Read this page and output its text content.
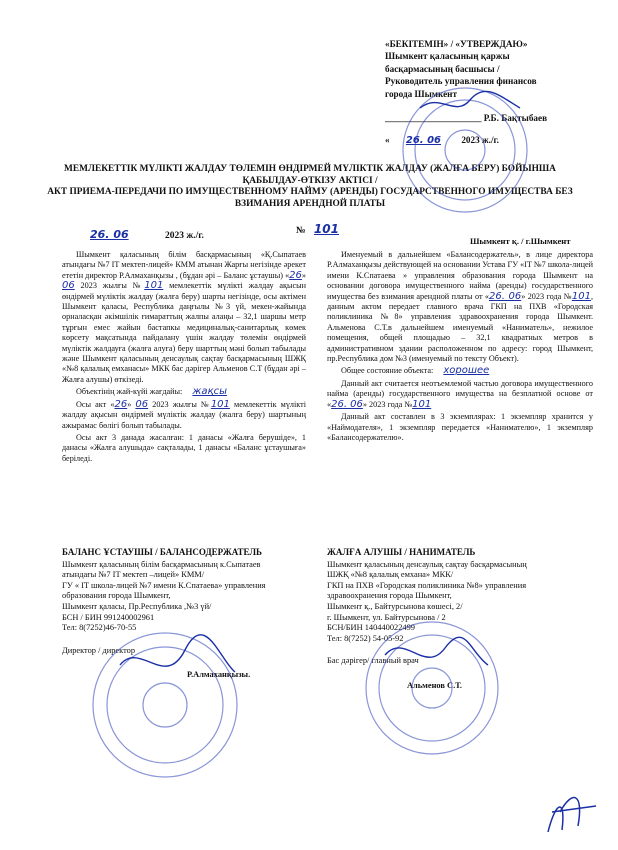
«БЕКІТЕМІН» / «УТВЕРЖДАЮ»
Шымкент қаласының қаржы
басқармасының басшысы /
Руководитель управления финансов
города Шымкент
_____________________ Р.Б. Бақтыбаев
« 26. 06 2023 ж./г.
МЕМЛЕКЕТТІК МҮЛІКТІ ЖАЛДАУ ТӨЛЕМІН ӨНДІРМЕЙ МҮЛІКТІК ЖАЛДАУ (ЖАЛҒА БЕРУ) БОЙЫНША ҚАБЫЛДАУ-ӨТКІЗУ АКТІСІ /
АКТ ПРИЕМА-ПЕРЕДАЧИ ПО ИМУЩЕСТВЕННОМУ НАЙМУ (АРЕНДЫ) ГОСУДАРСТВЕННОГО ИМУЩЕСТВА БЕЗ ВЗИМАНИЯ АРЕНДНОЙ ПЛАТЫ
26. 06	2023 ж./г.	№ 101
Шымкент қ. / г.Шымкент

Шымкент қаласының білім басқармасының «Қ.Сыпатаев атындағы №7 IT мектеп-лицей» КММ атынан Жарғы негізінде әрекет ететін директор Р.Алмаханқызы , (бұдан әрі – Баланс ұстаушы) «26» 06 2023 жылғы №101 мемлекеттік мүлікті жалдау ақысын өндірмей мүліктік жалдау (жалға беру) шарты негізінде, осы актімен Шымкент қаласы, Республика даңғылы №3 үй, мекен-жайында орналасқан әкімшілік ғимараттың жалпы алаңы – 32,1 шаршы метр тұрғын емес жайын бастапкы медициналық-санитарлық көмек көрсету мақсатында пайдалану үшін жалдау төлемін өндірмей мүліктік жалдауға (жалға алуға) беру шарттың мәні болып табылады және Шымкент қаласының денсаулық сақтау басқармасының ШЖҚ «№8 қалалық емханасы» МКК бас дәрігер Альменов С.Т (бұдан әрі – Жалға алушы) өткізеді.

Объектінің жай-күйі жағдайы: жақсы

Осы акт «26» 06 2023 жылғы №101 мемлекеттік мүлікті жалдау ақысын өндірмей мүліктік жалдау (жалға беру) шартының ажырамас бөлігі болып табылады.

Осы акт 3 данада жасалған: 1 данасы «Жалға берушіде», 1 данасы «Жалға алушыда» сақталады, 1 данасы «Баланс ұстаушыға» беріледі.

Именуемый в дальнейшем «Балансодержатель», в лице директора Р.Алмаханқызы действующей на основании Устава ГУ «IT №7 школа-лицей имени К.Спатаева » управления образования города Шымкент на основании договора имущественного найма (аренды) государственного имущества без взимания арендной платы от «26. 06» 2023 года №101, данным актом передает главного врача ГКП на ПХВ «Городская поликлиника №8» управления здравоохранения города Шымкент. Альменова С.Т.в дальнейшем именуемый «Наниматель», нежилое помещения, общей площадью – 32,1 квадратных метров в административном здании расположенном по адресу: город Шымкент, пр.Республика дом №3 (именуемый по тексту Объект).

Общее состояние объекта: хорошее

Данный акт считается неотъемлемой частью договора имущественного найма (аренды) государственного имущества на безплатной основе от «26. 06» 2023 года №101

Данный акт составлен в 3 экземплярах: 1 экземпляр хранится у «Наймодателя», 1 экземпляр передается «Нанимателю», 1 экземпляр «Балансодержателю».

БАЛАНС ҰСТАУШЫ / БАЛАНСОДЕРЖАТЕЛЬ
Шымкент қаласының білім басқармасының к.Сыпатаев
атындағы №7 IT мектеп –лицей» КММ/
ГУ « IT школа-лицей №7 имени К.Спатаева» управления
образования города Шымкент,
Шымкент қаласы, Пр.Республика ,№3 үй/
БСН / БИН 991240002961
Тел: 8(7252)46-70-55
Директор / директор
Р.Алмаханқызы.
ЖАЛҒА АЛУШЫ / НАНИМАТЕЛЬ
Шымкент қаласының денсаулық сақтау басқармасының
ШЖҚ «№8 қалалық емхана» МКК/
ГКП на ПХВ «Городская поликлиника №8» управления
здравоохранения города Шымкент,
Шымкент қ., Байтурсынова көшесі, 2/
г. Шымкент, ул. Байтурсынова / 2
БСН/БИН 140440022499
Тел: 8(7252) 54-05-92
Бас дәрігер/ главный врач
Альменов С.Т.
